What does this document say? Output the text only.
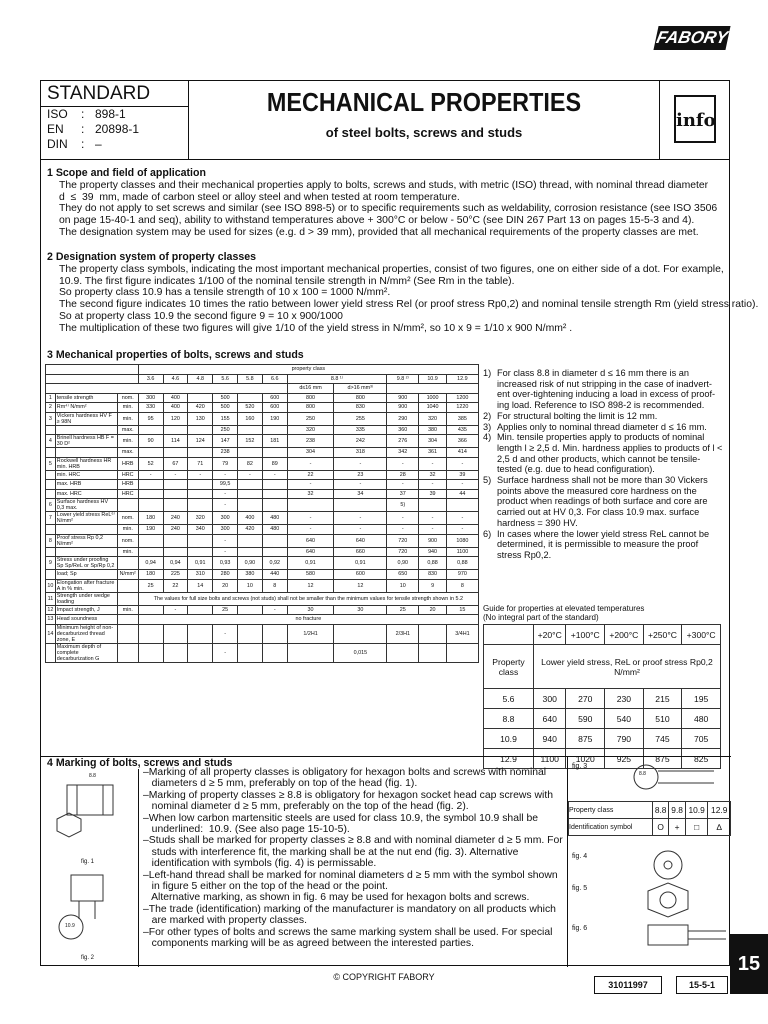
FABORY
STANDARD
ISO	: 898-1
EN	: 20898-1
DIN	: –
MECHANICAL PROPERTIES
of steel bolts, screws and studs
info
1 Scope and field of application

The property classes and their mechanical properties apply to bolts, screws and studs, with metric (ISO) thread, with nominal thread diameter
d  ≤  39  mm, made of carbon steel or alloy steel and when tested at room temperature.
They do not apply to set screws and similar (see ISO 898-5) or to specific requirements such as weldability, corrosion resistance (see ISO 3506
on page 15-40-1 and seq), ability to withstand temperatures above + 300°C or below - 50°C (see DIN 267 Part 13 on pages 15-5-3 and 4).
The designation system may be used for sizes (e.g. d > 39 mm), provided that all mechanical requirements of the property classes are met.

2 Designation system of property classes

The property class symbols, indicating the most important mechanical properties, consist of two figures, one on either side of a dot. For example,
10.9. The first figure indicates 1/100 of the nominal tensile strength in N/mm² (See Rm in the table).
So property class 10.9 has a tensile strength of 10 x 100 = 1000 N/mm².
The second figure indicates 10 times the ratio between lower yield stress Rel (or proof stress Rp0,2) and nominal tensile strength Rm (yield stress ratio).
So at property class 10.9 the second figure 9 = 10 x 900/1000
The multiplication of these two figures will give 1/10 of the yield stress in N/mm², so 10 x 9 = 1/10 x 900 N/mm² .

3 Mechanical properties of bolts, screws and studs
			property class										
			3.6	4.6	4.8	5.6	5.8	6.6	8.8 ¹⁾		9.8 ²⁾	10.9	12.9
									d≤16 mm	d>16 mm³⁾			
1	tensile strength	nom.	300	400		500		600	800	800	900	1000	1200
2	Rm⁴⁾ N/mm²	min.	330	400	420	500	520	600	800	830	900	1040	1220
3	Vickers hardness HV F ≥ 98N	min.	95	120	130	155	160	190	250	255	290	320	385
		max.				250			320	335	360	380	435
4	Brinell hardness HB F = 30 D²	min.	90	114	124	147	152	181	238	242	276	304	366
		max.				238			304	318	342	361	414
5	Rockwell hardness HR min. HRB	HRB	52	67	71	79	82	89	-	-	-	-	-
	min. HRC	HRC	-	-	-	-	-	-	22	23	28	32	39
	max. HRB	HRB				99,5			-	-	-	-	-
	max. HRC	HRC				-			32	34	37	39	44
6	Surface hardness HV 0,3 max.					-					5)		
7	Lower yield stress ReL⁶⁾ N/mm²	nom.	180	240	320	300	400	480	-	-	-	-	-
		min.	190	240	340	300	420	480	-	-	-	-	-
8	Proof stress Rp 0,2 N/mm²	nom.				-			640	640	720	900	1080
		min.				-			640	660	720	940	1100
9	Stress under proofing Sp Sp/ReL or Sp/Rp 0,2		0,94	0,94	0,91	0,93	0,90	0,92	0,91	0,91	0,90	0,88	0,88
	load; Sp	N/mm²	180	225	310	280	380	440	580	600	650	830	970
10	Elongation after fracture A in % min.		25	22	14	20	10	8	12	12	10	9	8
11	Strength under wedge loading		The values for full size bolts and screws (not studs) shall not be smaller than the minimum values for tensile strength shown in 5.2										
12	Impact strength, J	min.		-		25		-	30	30	25	20	15
13	Head soundness		no fracture										
14	Minimum height of non-decarburized thread zone, E					-			1/2H1		2/3H1		3/4H1
	Maximum depth of complete decarburization G					-				0,015			
1) For class 8.8 in diameter d ≤ 16 mm there is an increased risk of nut stripping in the case of inadvert-ent over-tightening inducing a load in excess of proof-ing load. Reference to ISO 898-2 is recommended.
2) For structural bolting the limit is 12 mm.
3) Applies only to nominal thread diameter d ≤ 16 mm.
4) Min. tensile properties apply to products of nominal length l ≥ 2,5 d. Min. hardness applies to products of l < 2,5 d and other products, which cannot be tensile-tested (e.g. due to head configuration).
5) Surface hardness shall not be more than 30 Vickers points above the measured core hardness on the product when readings of both surface and core are carried out at HV 0,3. For class 10.9 max. surface hardness = 390 HV.
6) In cases where the lower yield stress ReL cannot be determined, it is permissible to measure the proof stress Rp0,2.
Guide for properties at elevated temperatures
(No integral part of the standard)
	+20°C	+100°C	+200°C	+250°C	+300°C
Property class	Lower yield stress, ReL or proof stress Rp0,2 N/mm²				
5.6	300	270	230	215	195
8.8	640	590	540	510	480
10.9	940	875	790	745	705
12.9	1100	1020	925	875	825
4 Marking of bolts, screws and studs
8.8
10.9
fig. 1
fig. 2
–Marking of all property classes is obligatory for hexagon bolts and screws with nominal
diameters d ≥ 5 mm, preferably on top of the head (fig. 1).
–Marking of property classes ≥ 8.8 is obligatory for hexagon socket head cap screws with
nominal diameter d ≥ 5 mm, preferably on the top of the head (fig. 2).
–When low carbon martensitic steels are used for class 10.9, the symbol 10.9 shall be
underlined:  10.9. (See also page 15-10-5).
–Studs shall be marked for property classes ≥ 8.8 and with nominal diameter d ≥ 5 mm. For
studs with interference fit, the marking shall be at the nut end (fig. 3). Alternative
identification with symbols (fig. 4) is permissable.
–Left-hand thread shall be marked for nominal diameters d ≥ 5 mm with the symbol shown
in figure 5 either on the top of the head or the point.
Alternative marking, as shown in fig. 6 may be used for hexagon bolts and screws.
–The trade (identification) marking of the manufacturer is mandatory on all products which
are marked with property classes.
–For other types of bolts and screws the same marking system shall be used. For special
components marking will be as agreed between the interested parties.
fig. 3
8.8
Property class	8.8	9.8	10.9	12.9
Identification symbol	O	+	□	∆
fig. 4
fig. 5
fig. 6
© COPYRIGHT FABORY
31011997	15-5-1
15
